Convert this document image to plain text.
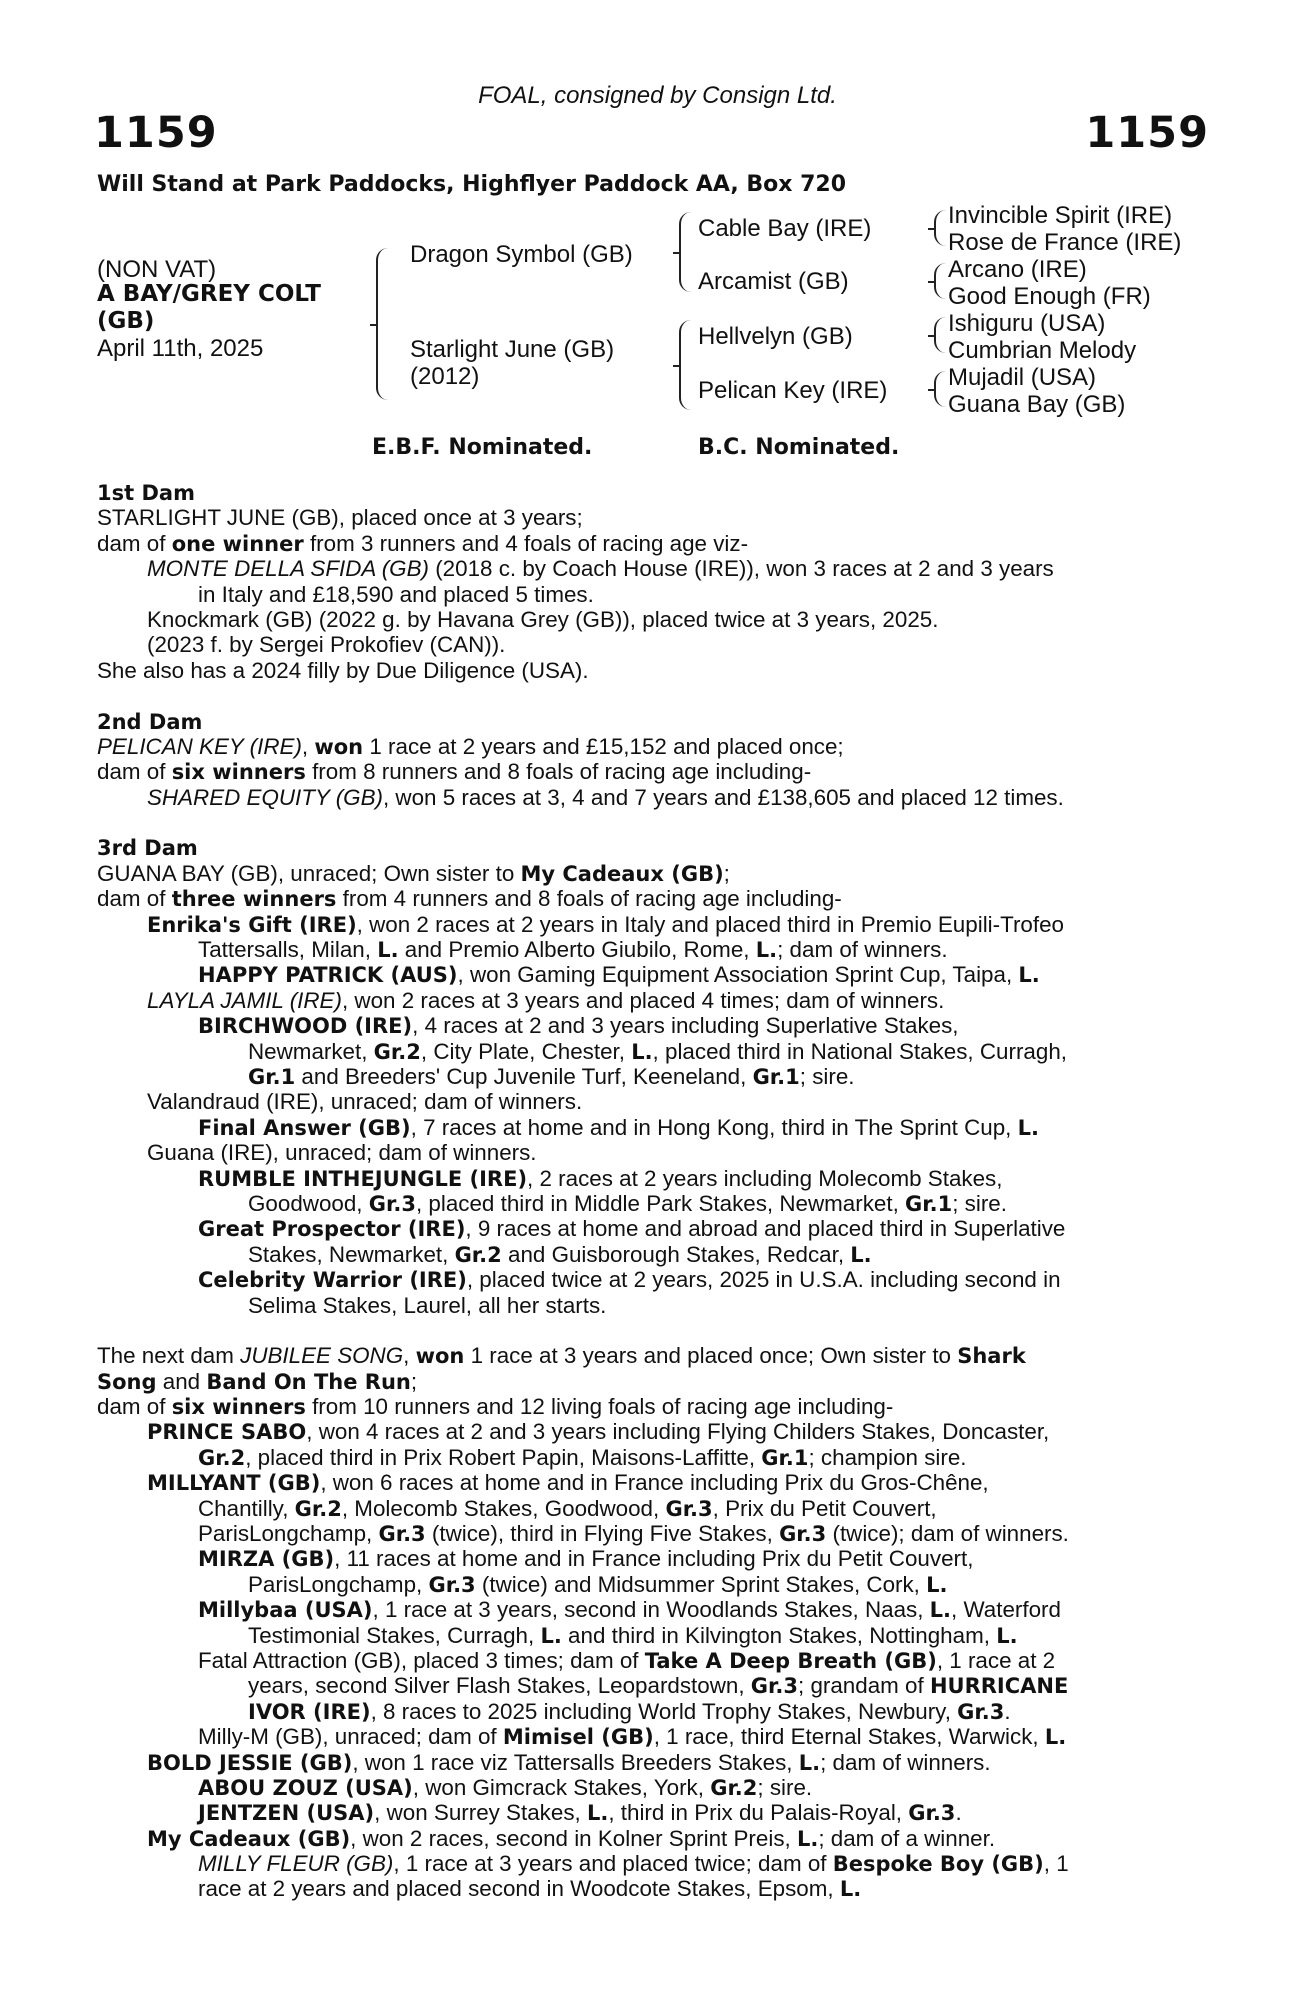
FOAL, consigned by Consign Ltd.
1159	1159
Will Stand at Park Paddocks, Highflyer Paddock AA, Box 720
(NON VAT)
A BAY/GREY COLT
(GB)
April 11th, 2025
Dragon Symbol (GB)
Starlight June (GB)
(2012)
Cable Bay (IRE)
Arcamist (GB)
Hellvelyn (GB)
Pelican Key (IRE)
Invincible Spirit (IRE)
Rose de France (IRE)
Arcano (IRE)
Good Enough (FR)
Ishiguru (USA)
Cumbrian Melody
Mujadil (USA)
Guana Bay (GB)
E.B.F. Nominated.	B.C. Nominated.
1st Dam
STARLIGHT JUNE (GB), placed once at 3 years;
dam of one winner from 3 runners and 4 foals of racing age viz-
MONTE DELLA SFIDA (GB) (2018 c. by Coach House (IRE)), won 3 races at 2 and 3 years
in Italy and £18,590 and placed 5 times.
Knockmark (GB) (2022 g. by Havana Grey (GB)), placed twice at 3 years, 2025.
(2023 f. by Sergei Prokofiev (CAN)).
She also has a 2024 filly by Due Diligence (USA).
2nd Dam
PELICAN KEY (IRE), won 1 race at 2 years and £15,152 and placed once;
dam of six winners from 8 runners and 8 foals of racing age including-
SHARED EQUITY (GB), won 5 races at 3, 4 and 7 years and £138,605 and placed 12 times.
3rd Dam
GUANA BAY (GB), unraced; Own sister to My Cadeaux (GB);
dam of three winners from 4 runners and 8 foals of racing age including-
Enrika's Gift (IRE), won 2 races at 2 years in Italy and placed third in Premio Eupili-Trofeo
Tattersalls, Milan, L. and Premio Alberto Giubilo, Rome, L.; dam of winners.
HAPPY PATRICK (AUS), won Gaming Equipment Association Sprint Cup, Taipa, L.
LAYLA JAMIL (IRE), won 2 races at 3 years and placed 4 times; dam of winners.
BIRCHWOOD (IRE), 4 races at 2 and 3 years including Superlative Stakes,
Newmarket, Gr.2, City Plate, Chester, L., placed third in National Stakes, Curragh,
Gr.1 and Breeders' Cup Juvenile Turf, Keeneland, Gr.1; sire.
Valandraud (IRE), unraced; dam of winners.
Final Answer (GB), 7 races at home and in Hong Kong, third in The Sprint Cup, L.
Guana (IRE), unraced; dam of winners.
RUMBLE INTHEJUNGLE (IRE), 2 races at 2 years including Molecomb Stakes,
Goodwood, Gr.3, placed third in Middle Park Stakes, Newmarket, Gr.1; sire.
Great Prospector (IRE), 9 races at home and abroad and placed third in Superlative
Stakes, Newmarket, Gr.2 and Guisborough Stakes, Redcar, L.
Celebrity Warrior (IRE), placed twice at 2 years, 2025 in U.S.A. including second in
Selima Stakes, Laurel, all her starts.
The next dam JUBILEE SONG, won 1 race at 3 years and placed once; Own sister to Shark
Song and Band On The Run;
dam of six winners from 10 runners and 12 living foals of racing age including-
PRINCE SABO, won 4 races at 2 and 3 years including Flying Childers Stakes, Doncaster,
Gr.2, placed third in Prix Robert Papin, Maisons-Laffitte, Gr.1; champion sire.
MILLYANT (GB), won 6 races at home and in France including Prix du Gros-Chêne,
Chantilly, Gr.2, Molecomb Stakes, Goodwood, Gr.3, Prix du Petit Couvert,
ParisLongchamp, Gr.3 (twice), third in Flying Five Stakes, Gr.3 (twice); dam of winners.
MIRZA (GB), 11 races at home and in France including Prix du Petit Couvert,
ParisLongchamp, Gr.3 (twice) and Midsummer Sprint Stakes, Cork, L.
Millybaa (USA), 1 race at 3 years, second in Woodlands Stakes, Naas, L., Waterford
Testimonial Stakes, Curragh, L. and third in Kilvington Stakes, Nottingham, L.
Fatal Attraction (GB), placed 3 times; dam of Take A Deep Breath (GB), 1 race at 2
years, second Silver Flash Stakes, Leopardstown, Gr.3; grandam of HURRICANE
IVOR (IRE), 8 races to 2025 including World Trophy Stakes, Newbury, Gr.3.
Milly-M (GB), unraced; dam of Mimisel (GB), 1 race, third Eternal Stakes, Warwick, L.
BOLD JESSIE (GB), won 1 race viz Tattersalls Breeders Stakes, L.; dam of winners.
ABOU ZOUZ (USA), won Gimcrack Stakes, York, Gr.2; sire.
JENTZEN (USA), won Surrey Stakes, L., third in Prix du Palais-Royal, Gr.3.
My Cadeaux (GB), won 2 races, second in Kolner Sprint Preis, L.; dam of a winner.
MILLY FLEUR (GB), 1 race at 3 years and placed twice; dam of Bespoke Boy (GB), 1
race at 2 years and placed second in Woodcote Stakes, Epsom, L.
